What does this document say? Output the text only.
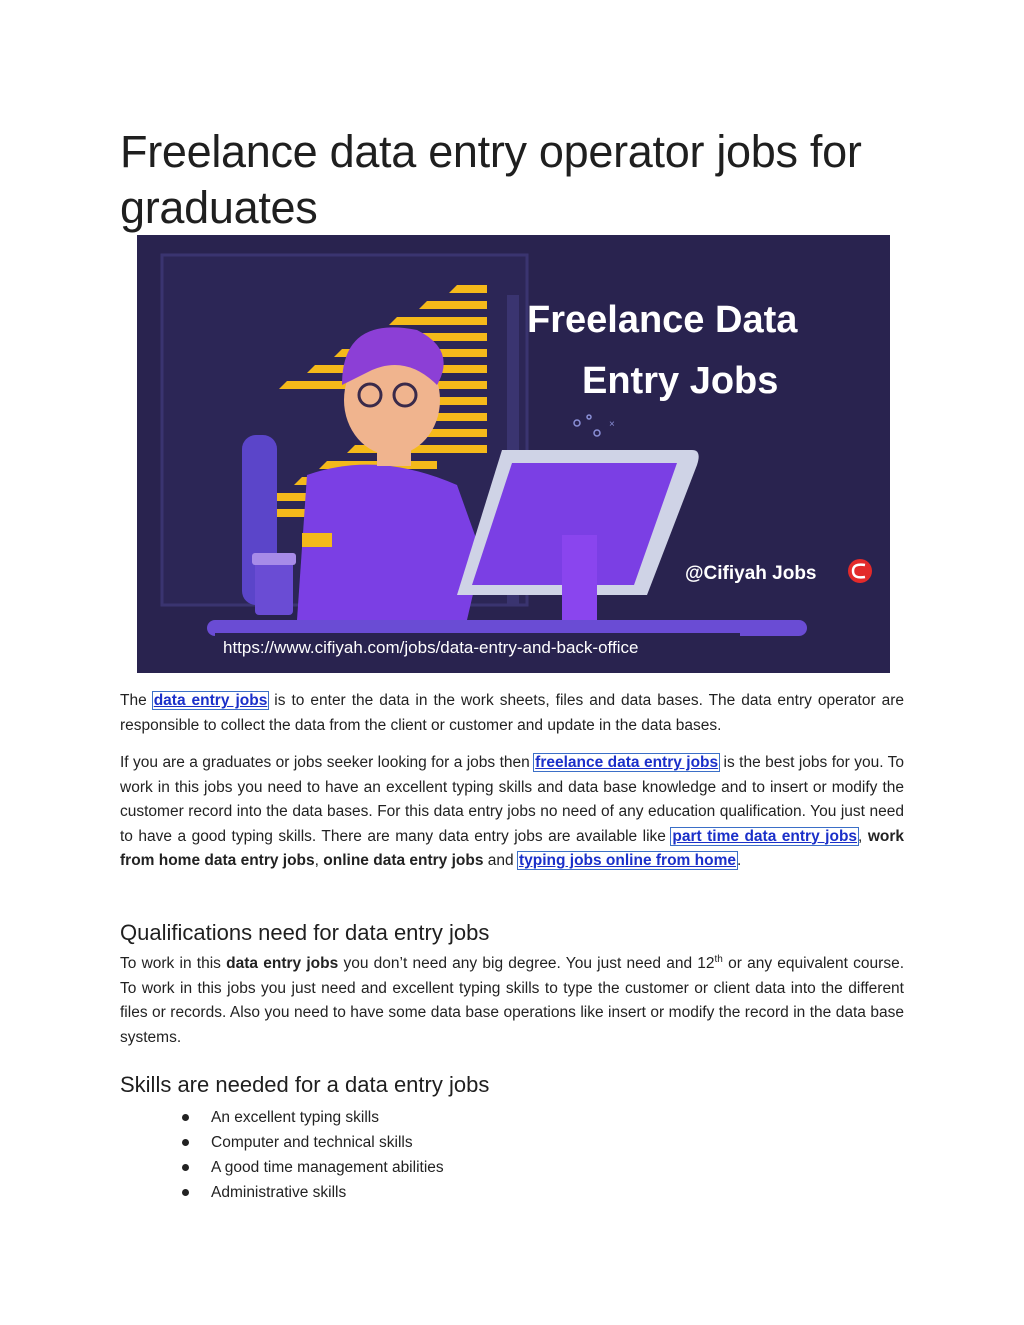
Freelance data entry operator jobs for graduates
×
Freelance Data
Entry Jobs
@Cifiyah Jobs
https://www.cifiyah.com/jobs/data-entry-and-back-office

The data entry jobs is to enter the data in the work sheets, files and data bases. The data entry operator are responsible to collect the data from the client or customer and update in the data bases.

If you are a graduates or jobs seeker looking for a jobs then freelance data entry jobs is the best jobs for you. To work in this jobs you need to have an excellent typing skills and data base knowledge and to insert or modify the customer record into the data bases. For this data entry jobs no need of any education qualification. You just need to have a good typing skills. There are many data entry jobs are available like part time data entry jobs, work from home data entry jobs, online data entry jobs and typing jobs online from home.

Qualifications need for data entry jobs

To work in this data entry jobs you don’t need any big degree. You just need and 12th or any equivalent course. To work in this jobs you just need and excellent typing skills to type the customer or client data into the different files or records. Also you need to have some data base operations like insert or modify the record in the data base systems.

Skills are needed for a data entry jobs
An excellent typing skills
Computer and technical skills
A good time management abilities
Administrative skills
